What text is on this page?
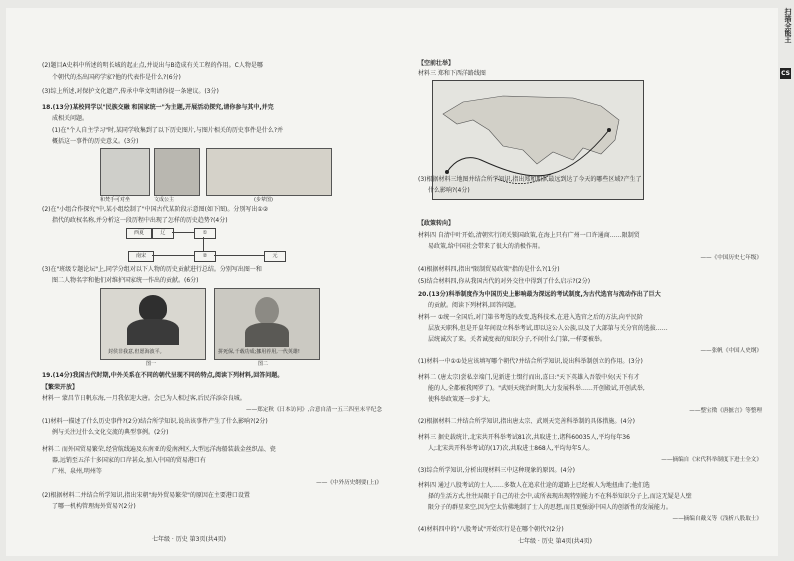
(2)题目A史料中所述的明长城的起止点,并说出与B造成有关工程的作用。C人物是哪
个朝代的杰出国药学家?他的代表作是什么?(6分)
(3)综上所述,对保护文化遗产,传承中华文明请你提一条建议。(3分)
18.(13分)某校同学以"民族交融 和国家统一"为主题,开展活动探究,请你参与其中,并完
成相关问题。
(1)在"个人自主学习"时,某同学收集到了以下历史图片,与图片相关的历史事件是什么?并
概括这一事件的历史意义。(3分)
和梵手可对坐	文成公主	(步辇图)
(2)在"小组合作探究"中,某小组绘制了"中国古代某阶段示意图(如下图)。分别写出①②
指代的政权名称,并分析这一段历程中出现了怎样的历史趋势?(4分)
西夏	辽	①
②
南宋	元
(3)在"班级专题论坛"上,同学分组对以下人物的历史贡献进行总结。分别写出图一和
图二人物名字和他们对维护国家统一作出的贡献。(6分)
封侯非我意,但愿海波平。
图一
拼死保,千载功成;挪用荐用,一代英雄!
图二
19.(14分)我国古代时期,中外关系在不同的朝代呈现不同的特点,阅读下列材料,回答问题。
【繁荣开放】
材料一 蒙昌节日帆东海,一月我依迎大唐。会已为人相过客,后民洋添奈良城。
——郑定秋《日本访问》,合意自清一五三四至末平纪念
(1)材料一描述了什么历史事件?(2分)结合所学知识,说出该事件产生了什么影响?(2分)
例与关注过什么文化交流的典型事例。(2分)
材料二 而外国贸易繁荣,经营航线遍及东南亚的爱南洲区,大型远洋海船装载金丝织品、瓷
器,远销至五洋十多国家的口岸甚众,加入中国的贸易港口有
广州、泉州,明州等
——《中外历史纲要(上)》
(2)根据材料二并结合所学知识,指出宋朝"海外贸易繁荣"的原因在主要港口设置
了哪一机构管理海外贸易?(2分)
七年级 · 历史 第3页(共4页)
【空前壮举】
材料三 郑和下西洋路线图
(3)根据材料三地图并结合所学知识,指出郑和船队最远到达了今天的哪些区域?产生了
什么影响?(4分)
【政策转向】
材料四 自清中叶开始,清朝实行闭关锁国政策,在海上只有广州一口许通商……限制贸
易政策,给中国社会带来了很大的消极作用。
——《中国历史七年级》
(4)根据材料四,指出"限制贸易政策"指的是什么?(1分)
(5)结合材料四,你从我国古代的对外交往中得到了什么启示?(2分)
20.(13分)科举制度作为中国历史上影响最为深远的考试制度,为古代选官与流动作出了巨大
的贡献。阅读下列材料,回答问题。
材料一 ①统一全国后,对门第书考选的改变,选科技术,在进入选官之后的方法,向平民阶
层放天职科,但是开皇年间设立科举考试,即以这公人公族,以及了大部第与关分官的选拔……
层统诚次了来。关者诚度表的知识分子,不问什么门第,一样要被举。
——张帆《中国人史纲》
(1)材料一中①①处应该填写哪个朝代?并结合所学知识,说出科举制创立的作用。(3分)
材料二 (唐太宗)尝私幸端门,见新进士缀行而出,喜曰:"天下英雄入吾彀中矣(天下有才
能的人,全都被我网罗了)。"武则天统治时期,大力发展科举……开创殿试,开创武举,
使科举政策逐一步扩大。
——整宝徵《唐摭言》等整理
(2)根据材料二并结合所学知识,指出唐太宗、武则天完善科举制的具体措施。(4分)
材料三 据史载统计,北宋共开科举考试81次,共取进士,诸科60035人,平均每年36
人;北宋共开科举考试的(17)次,共取进士868人,平均每年5人。
——摘编自《宋代科举制度下进士全文》
(3)综合所学知识,分析出现材料三中这种现象的原因。(4分)
材料四 通过八股考试的士人……多数人在追求仕途的道路上已经被人为地扭曲了;他们选
择的生活方式,往往局限于自己的社会中,或所表现出现特别能力不在科举知识分子上,而这无疑是人壁
限分子的群星来空,因为空太仿佛地制了士人的思想,而且更强弱中国人的创新性的发展能力。
——摘编自戴义等《浅析八股取士》
(4)材料四中的"八股考试"开始实行是在哪个朝代?(2分)
七年级 · 历史 第4页(共4页)
扫描全能王
CS
